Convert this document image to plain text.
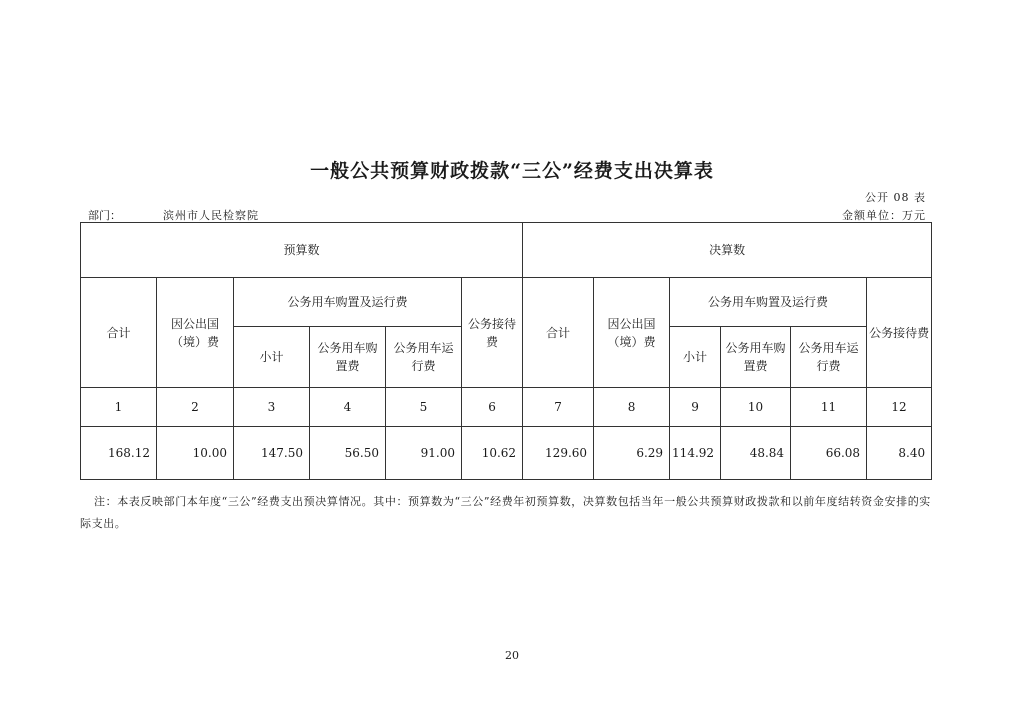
一般公共预算财政拨款“三公”经费支出决算表
公开 08 表
部门：	滨州市人民检察院	金额单位：万元
预算数						决算数					
合计	因公出国（境）费	公务用车购置及运行费			公务接待费	合计	因公出国（境）费	公务用车购置及运行费			公务接待费
		小计	公务用车购置费	公务用车运行费				小计	公务用车购置费	公务用车运行费	
1	2	3	4	5	6	7	8	9	10	11	12
168.12	10.00	147.50	56.50	91.00	10.62	129.60	6.29	114.92	48.84	66.08	8.40
注：本表反映部门本年度“三公”经费支出预决算情况。其中：预算数为“三公”经费年初预算数，决算数包括当年一般公共预算财政拨款和以前年度结转资金安排的实际支出。
20
